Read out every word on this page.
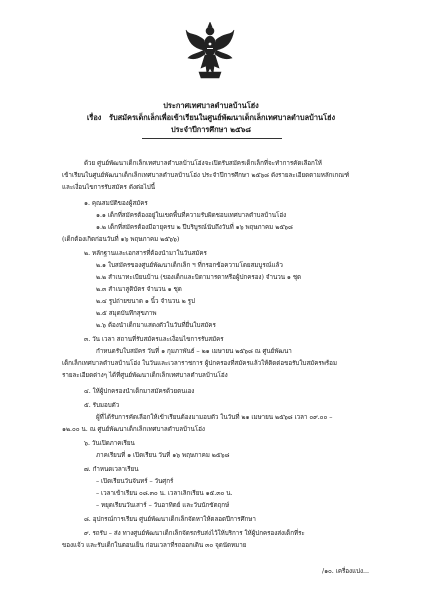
ประกาศเทศบาลตำบลบ้านโฮ่ง
เรื่อง รับสมัครเด็กเล็กเพื่อเข้าเรียนในศูนย์พัฒนาเด็กเล็กเทศบาลตำบลบ้านโฮ่ง
ประจำปีการศึกษา ๒๕๖๘
ด้วย ศูนย์พัฒนาเด็กเล็กเทศบาลตำบลบ้านโฮ่งจะเปิดรับสมัครเด็กเล็กที่จะทำการคัดเลือกให้
เข้าเรียนในศูนย์พัฒนาเด็กเล็กเทศบาลตำบลบ้านโฮ่ง ประจำปีการศึกษา ๒๕๖๘ ดังรายละเอียดตามหลักเกณฑ์
และเงื่อนไขการรับสมัคร ดังต่อไปนี้
๑. คุณสมบัติของผู้สมัคร
๑.๑ เด็กที่สมัครต้องอยู่ในเขตพื้นที่ความรับผิดชอบเทศบาลตำบลบ้านโฮ่ง
๑.๒ เด็กที่สมัครต้องมีอายุครบ ๒ ปีบริบูรณ์นับถึงวันที่ ๑๖ พฤษภาคม ๒๕๖๘
(เด็กต้องเกิดก่อนวันที่ ๑๖ พฤษภาคม ๒๕๖๖)
๒. หลักฐานและเอกสารที่ต้องนำมาในวันสมัคร
๒.๑ ใบสมัครของศูนย์พัฒนาเด็กเล็ก ฯ ที่กรอกข้อความโดยสมบูรณ์แล้ว
๒.๒ สำเนาทะเบียนบ้าน (ของเด็กและบิดามารดาหรือผู้ปกครอง) จำนวน ๑ ชุด
๒.๓ สำเนาสูติบัตร จำนวน ๑ ชุด
๒.๔ รูปถ่ายขนาด ๑ นิ้ว จำนวน ๒ รูป
๒.๕ สมุดบันทึกสุขภาพ
๒.๖ ต้องนำเด็กมาแสดงตัวในวันที่ยื่นใบสมัคร
๓. วัน เวลา สถานที่รับสมัครและเงื่อนไขการรับสมัคร
กำหนดรับใบสมัคร วันที่ ๑ กุมภาพันธ์ – ๒๑ เมษายน ๒๕๖๘ ณ ศูนย์พัฒนา
เด็กเล็กเทศบาลตำบลบ้านโฮ่ง ในวันและเวลาราชการ ผู้ปกครองที่สมัครแล้วให้ติดต่อขอรับใบสมัครพร้อม
รายละเอียดต่างๆ ได้ที่ศูนย์พัฒนาเด็กเล็กเทศบาลตำบลบ้านโฮ่ง
๔. ให้ผู้ปกครองนำเด็กมาสมัครด้วยตนเอง
๕. รับมอบตัว
ผู้ที่ได้รับการคัดเลือกให้เข้าเรียนต้องมามอบตัว ในวันที่ ๒๑ เมษายน ๒๕๖๘ เวลา ๐๙.๐๐ –
๑๒.๐๐ น. ณ ศูนย์พัฒนาเด็กเล็กเทศบาลตำบลบ้านโฮ่ง
๖. วันเปิดภาคเรียน
ภาคเรียนที่ ๑ เปิดเรียน วันที่ ๑๖ พฤษภาคม ๒๕๖๘
๗. กำหนดเวลาเรียน
– เปิดเรียนวันจันทร์ – วันศุกร์
– เวลาเข้าเรียน ๐๘.๓๐ น. เวลาเลิกเรียน ๑๕.๓๐ น.
– หยุดเรียนวันเสาร์ – วันอาทิตย์ และวันนักขัตฤกษ์
๘. อุปกรณ์การเรียน ศูนย์พัฒนาเด็กเล็กจัดหาให้ตลอดปีการศึกษา
๙. รถรับ – ส่ง ทางศูนย์พัฒนาเด็กเล็กจัดรถรับส่งไว้ให้บริการ ให้ผู้ปกครองส่งเด็กที่ระ
ของแจ้ว และรับเด็กในตอนเย็น ก่อนเวลาที่รถออกเดิน ๓๐ จุดนัดหมาย
/๑๐. เครื่องแบ่ง...
